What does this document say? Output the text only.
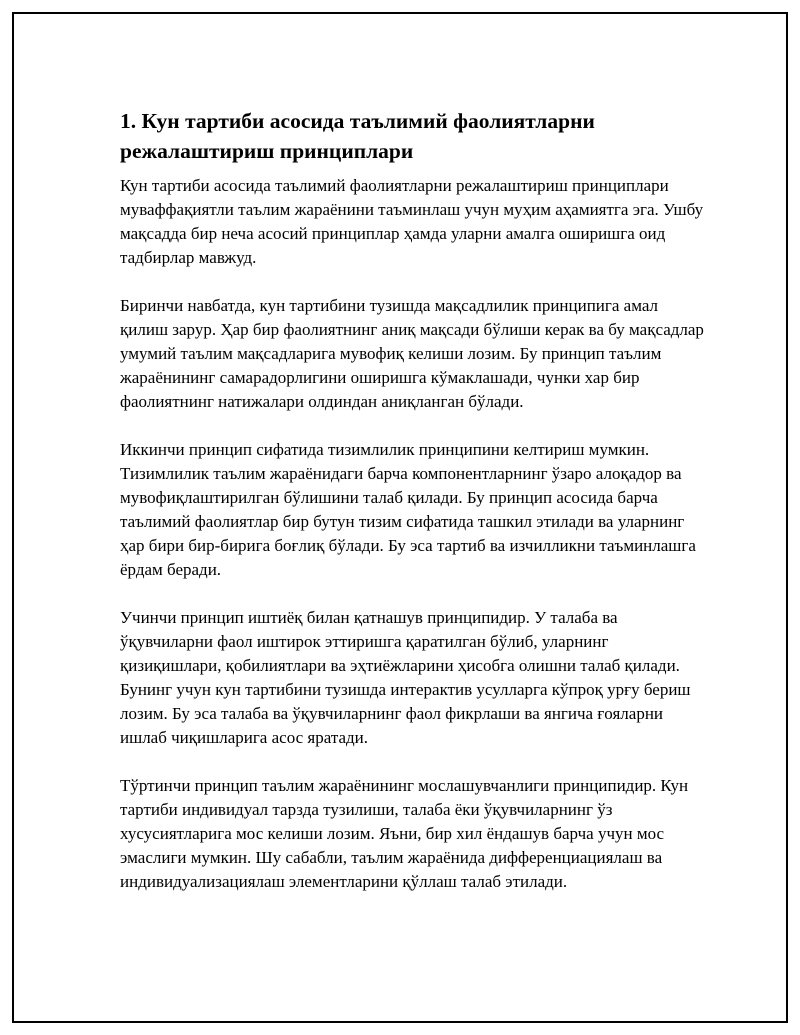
1. Кун тартиби асосида таълимий фаолиятларни режалаштириш принциплари

Кун тартиби асосида таълимий фаолиятларни режалаштириш принциплари муваффақиятли таълим жараёнини таъминлаш учун муҳим аҳамиятга эга. Ушбу мақсадда бир неча асосий принциплар ҳамда уларни амалга оширишга оид тадбирлар мавжуд.

Биринчи навбатда, кун тартибини тузишда мақсадлилик принципига амал қилиш зарур. Ҳар бир фаолиятнинг аниқ мақсади бўлиши керак ва бу мақсадлар умумий таълим мақсадларига мувофиқ келиши лозим. Бу принцип таълим жараёнининг самарадорлигини оширишга кўмаклашади, чунки хар бир фаолиятнинг натижалари олдиндан аниқланган бўлади.

Иккинчи принцип сифатида тизимлилик принципини келтириш мумкин. Тизимлилик таълим жараёнидаги барча компонентларнинг ўзаро алоқадор ва мувофиқлаштирилган бўлишини талаб қилади. Бу принцип асосида барча таълимий фаолиятлар бир бутун тизим сифатида ташкил этилади ва уларнинг ҳар бири бир-бирига боғлиқ бўлади. Бу эса тартиб ва изчилликни таъминлашга ёрдам беради.

Учинчи принцип иштиёқ билан қатнашув принципидир. У талаба ва ўқувчиларни фаол иштирок эттиришга қаратилган бўлиб, уларнинг қизиқишлари, қобилиятлари ва эҳтиёжларини ҳисобга олишни талаб қилади. Бунинг учун кун тартибини тузишда интерактив усулларга кўпроқ урғу бериш лозим. Бу эса талаба ва ўқувчиларнинг фаол фикрлаши ва янгича ғояларни ишлаб чиқишларига асос яратади.

Тўртинчи принцип таълим жараёнининг мослашувчанлиги принципидир. Кун тартиби индивидуал тарзда тузилиши, талаба ёки ўқувчиларнинг ўз хусусиятларига мос келиши лозим. Яъни, бир хил ёндашув барча учун мос эмаслиги мумкин. Шу сабабли, таълим жараёнида дифференциациялаш ва индивидуализациялаш элементларини қўллаш талаб этилади.
